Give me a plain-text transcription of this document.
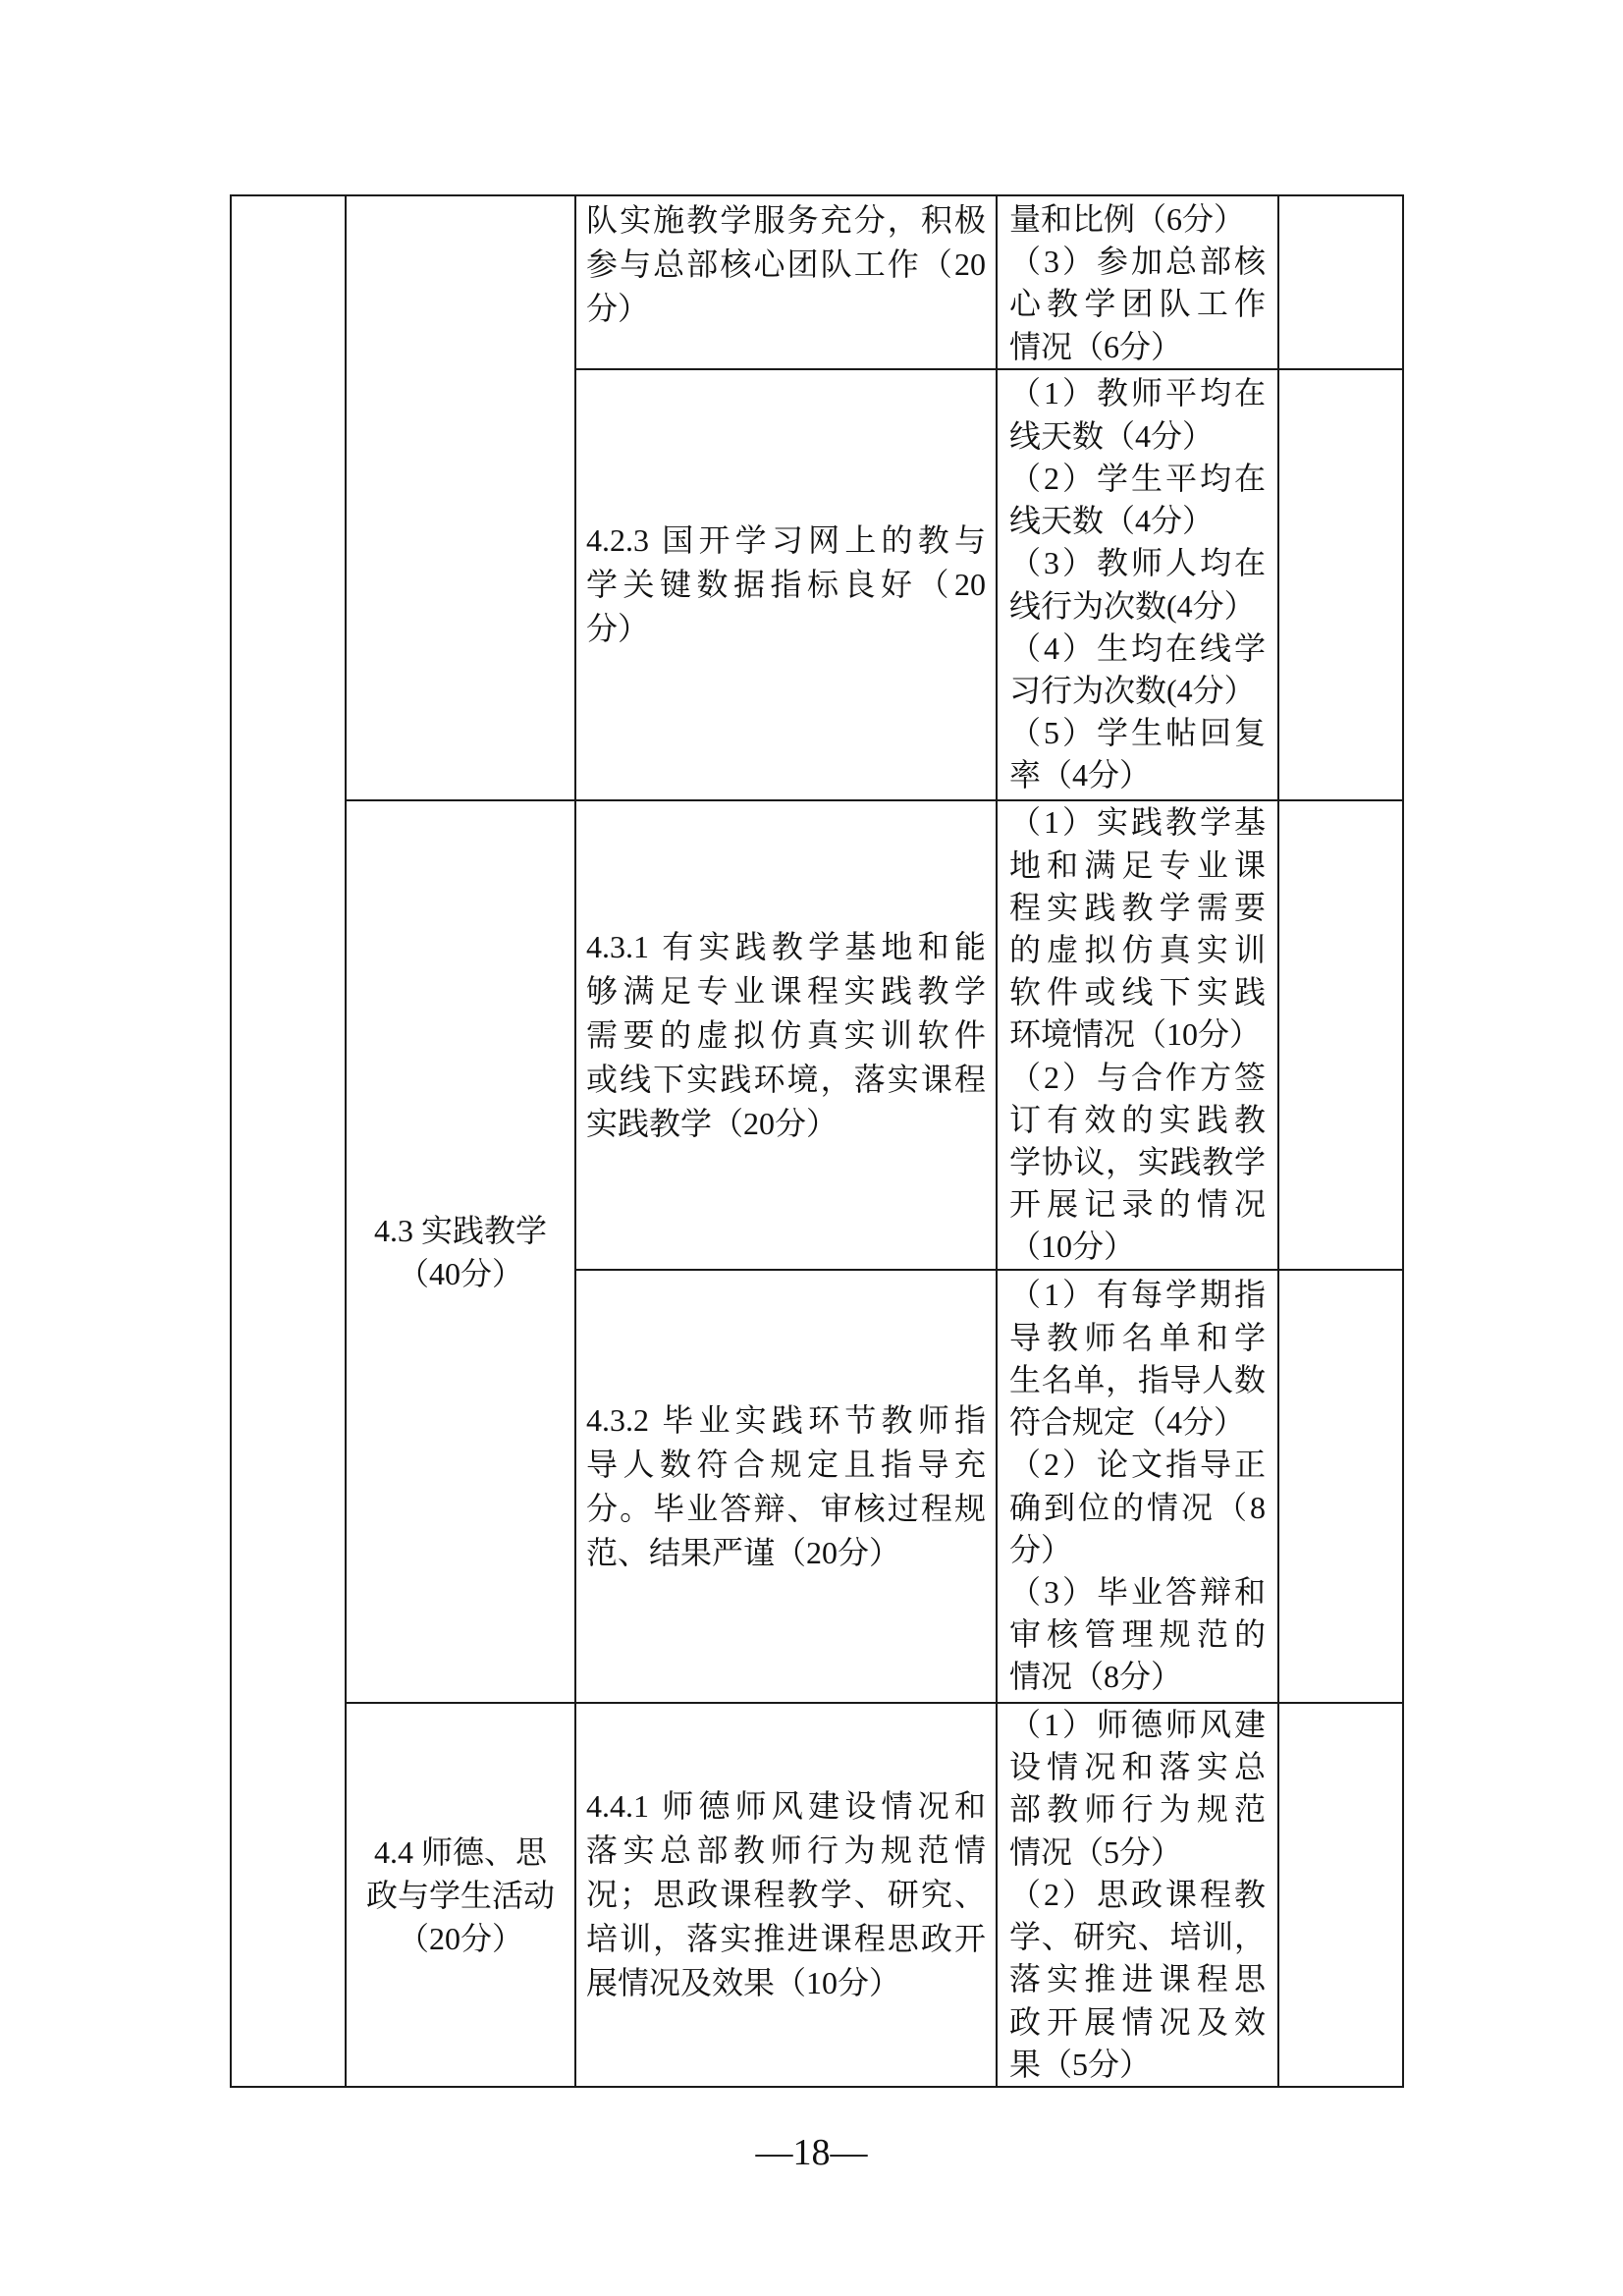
队实施教学服务充分，积极
参与总部核心团队工作（20
分）
量和比例（6分）
（3）参加总部核
心教学团队工作
情况（6分）
4.2.3 国开学习网上的教与
学关键数据指标良好（20
分）
（1）教师平均在
线天数（4分）
（2）学生平均在
线天数（4分）
（3）教师人均在
线行为次数(4分）
（4）生均在线学
习行为次数(4分）
（5）学生帖回复
率（4分）
4.3 实践教学
（40分）
4.3.1 有实践教学基地和能
够满足专业课程实践教学
需要的虚拟仿真实训软件
或线下实践环境，落实课程
实践教学（20分）
（1）实践教学基
地和满足专业课
程实践教学需要
的虚拟仿真实训
软件或线下实践
环境情况（10分）
（2）与合作方签
订有效的实践教
学协议，实践教学
开展记录的情况
（10分）
4.3.2 毕业实践环节教师指
导人数符合规定且指导充
分。毕业答辩、审核过程规
范、结果严谨（20分）
（1）有每学期指
导教师名单和学
生名单，指导人数
符合规定（4分）
（2）论文指导正
确到位的情况（8
分）
（3）毕业答辩和
审核管理规范的
情况（8分）
4.4 师德、思
政与学生活动
（20分）
4.4.1 师德师风建设情况和
落实总部教师行为规范情
况；思政课程教学、研究、
培训，落实推进课程思政开
展情况及效果（10分）
（1）师德师风建
设情况和落实总
部教师行为规范
情况（5分）
（2）思政课程教
学、研究、培训，
落实推进课程思
政开展情况及效
果（5分）
—18—
